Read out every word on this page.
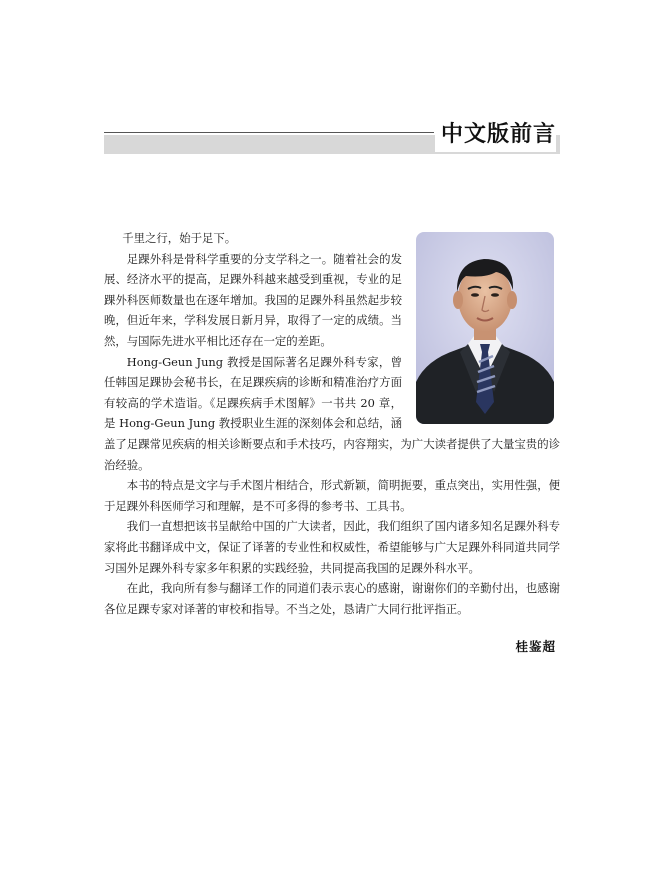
中文版前言

千里之行，始于足下。

足踝外科是骨科学重要的分支学科之一。随着社会的发展、经济水平的提高，足踝外科越来越受到重视，专业的足踝外科医师数量也在逐年增加。我国的足踝外科虽然起步较晚，但近年来，学科发展日新月异，取得了一定的成绩。当然，与国际先进水平相比还存在一定的差距。

Hong-Geun Jung 教授是国际著名足踝外科专家，曾任韩国足踝协会秘书长，在足踝疾病的诊断和精准治疗方面有较高的学术造诣。《足踝疾病手术图解》一书共 20 章，是 Hong-Geun Jung 教授职业生涯的深刻体会和总结，涵盖了足踝常见疾病的相关诊断要点和手术技巧，内容翔实，为广大读者提供了大量宝贵的诊治经验。

本书的特点是文字与手术图片相结合，形式新颖，简明扼要，重点突出，实用性强，便于足踝外科医师学习和理解，是不可多得的参考书、工具书。

我们一直想把该书呈献给中国的广大读者，因此，我们组织了国内诸多知名足踝外科专家将此书翻译成中文，保证了译著的专业性和权威性，希望能够与广大足踝外科同道共同学习国外足踝外科专家多年积累的实践经验，共同提高我国的足踝外科水平。

在此，我向所有参与翻译工作的同道们表示衷心的感谢，谢谢你们的辛勤付出，也感谢各位足踝专家对译著的审校和指导。不当之处，恳请广大同行批评指正。

桂鉴超
